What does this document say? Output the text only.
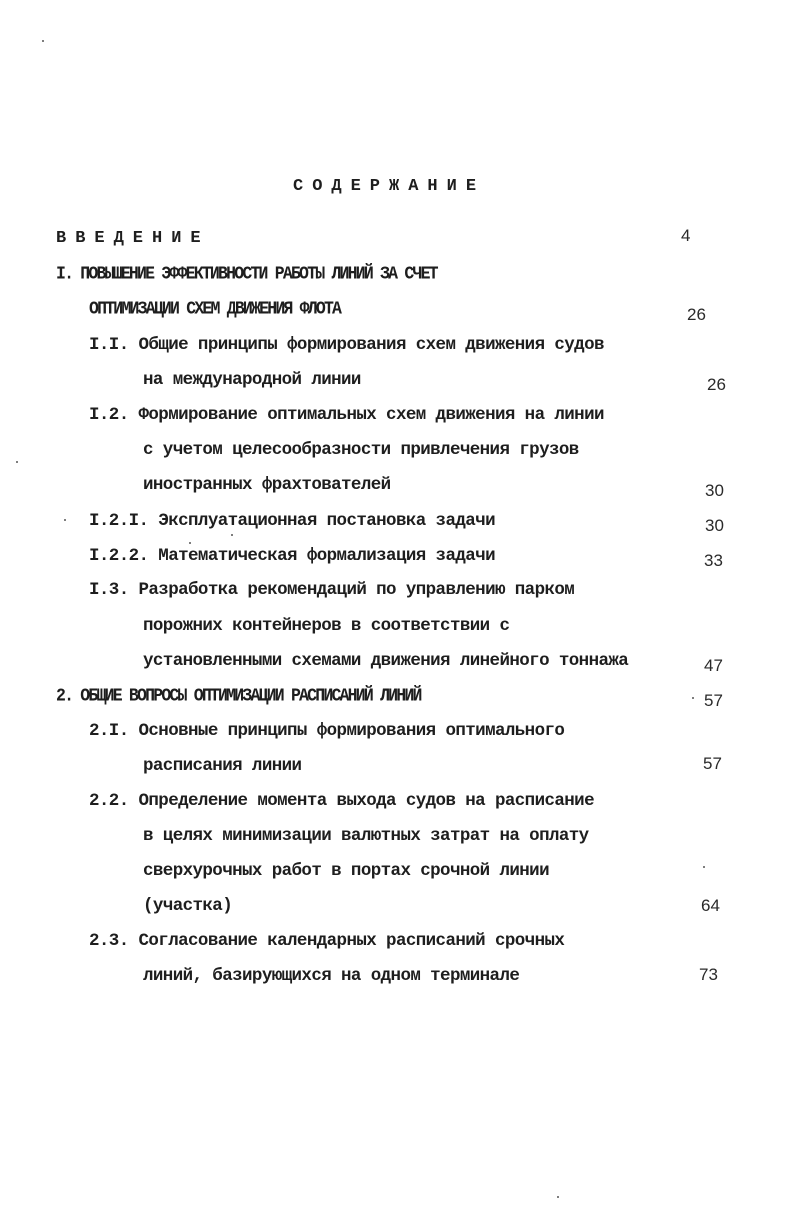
СОДЕРЖАНИЕ

ВВЕДЕНИЕ	4

I. ПОВЫШЕНИЕ ЭФФЕКТИВНОСТИ РАБОТЫ ЛИНИЙ ЗА СЧЕТ

ОПТИМИЗАЦИИ СХЕМ ДВИЖЕНИЯ ФЛОТА	26

I.I. Общие принципы формирования схем движения судов

на международной линии	26

I.2. Формирование оптимальных схем движения на линии

с учетом целесообразности привлечения грузов

иностранных фрахтователей	30

I.2.I. Эксплуатационная постановка задачи	30

I.2.2. Математическая формализация задачи	33

I.3. Разработка рекомендаций по управлению парком

порожних контейнеров в соответствии с

установленными схемами движения линейного тоннажа	47

2. ОБЩИЕ ВОПРОСЫ ОПТИМИЗАЦИИ РАСПИСАНИЙ ЛИНИЙ	57

2.I. Основные принципы формирования оптимального

расписания линии	57

2.2. Определение момента выхода судов на расписание

в целях минимизации валютных затрат на оплату

сверхурочных работ в портах срочной линии

(участка)	64

2.3. Согласование календарных расписаний срочных

линий, базирующихся на одном терминале	73
